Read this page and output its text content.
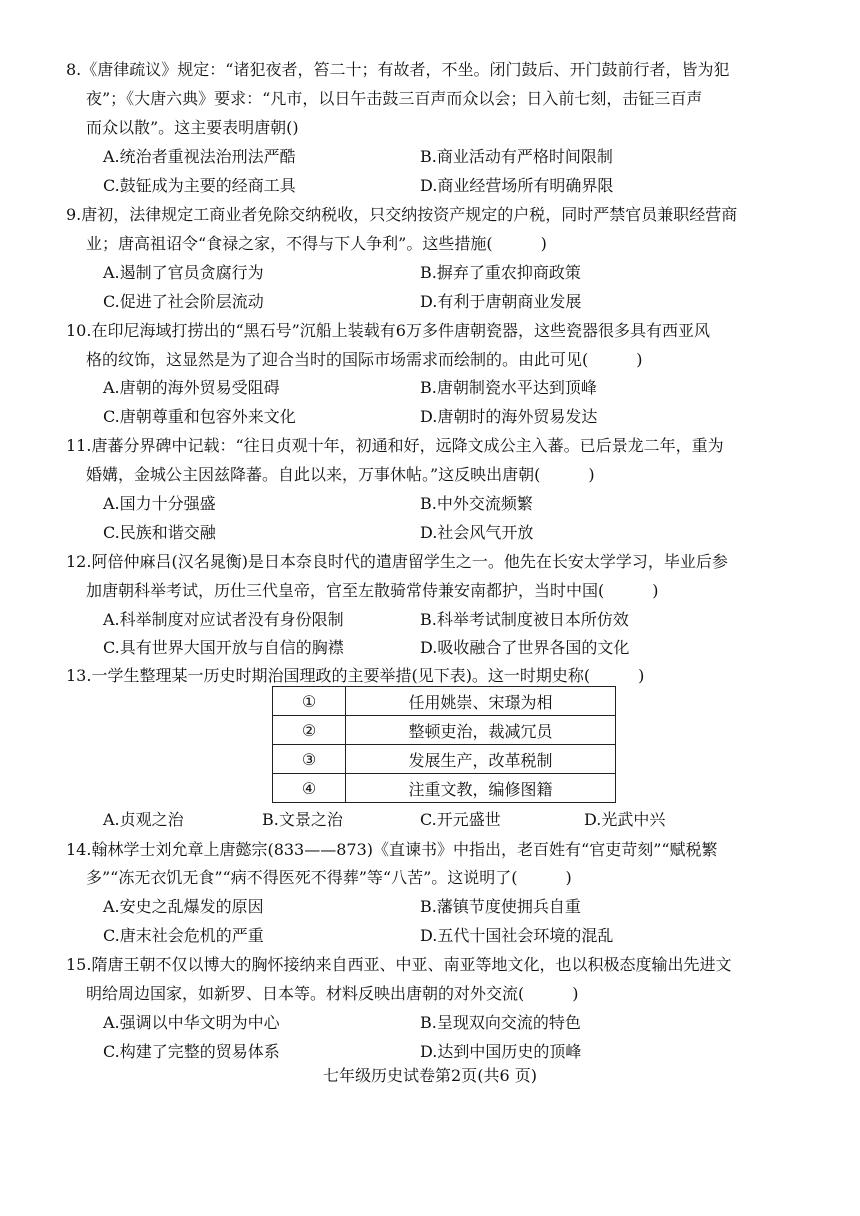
8.《唐律疏议》规定：“诸犯夜者，笞二十；有故者，不坐。闭门鼓后、开门鼓前行者，皆为犯
夜”；《大唐六典》要求：“凡市，以日午击鼓三百声而众以会；日入前七刻，击钲三百声
而众以散”。这主要表明唐朝()
A.统治者重视法治刑法严酷	B.商业活动有严格时间限制
C.鼓钲成为主要的经商工具	D.商业经营场所有明确界限
9.唐初，法律规定工商业者免除交纳税收，只交纳按资产规定的户税，同时严禁官员兼职经营商
业；唐高祖诏令“食禄之家，不得与下人争利”。这些措施(　　　)
A.遏制了官员贪腐行为	B.摒弃了重农抑商政策
C.促进了社会阶层流动	D.有利于唐朝商业发展
10.在印尼海域打捞出的“黑石号”沉船上装载有6万多件唐朝瓷器，这些瓷器很多具有西亚风
格的纹饰，这显然是为了迎合当时的国际市场需求而绘制的。由此可见(　　　)
A.唐朝的海外贸易受阻碍	B.唐朝制瓷水平达到顶峰
C.唐朝尊重和包容外来文化	D.唐朝时的海外贸易发达
11.唐蕃分界碑中记载：“往日贞观十年，初通和好，远降文成公主入蕃。已后景龙二年，重为
婚媾，金城公主因兹降蕃。自此以来，万事休帖。”这反映出唐朝(　　　)
A.国力十分强盛	B.中外交流频繁
C.民族和谐交融	D.社会风气开放
12.阿倍仲麻吕(汉名晁衡)是日本奈良时代的遣唐留学生之一。他先在长安太学学习，毕业后参
加唐朝科举考试，历仕三代皇帝，官至左散骑常侍兼安南都护，当时中国(　　　)
A.科举制度对应试者没有身份限制	B.科举考试制度被日本所仿效
C.具有世界大国开放与自信的胸襟	D.吸收融合了世界各国的文化
13.一学生整理某一历史时期治国理政的主要举措(见下表)。这一时期史称(　　　)
①	任用姚崇、宋璟为相
②	整顿吏治，裁减冗员
③	发展生产，改革税制
④	注重文教，编修图籍
A.贞观之治	B.文景之治	C.开元盛世	D.光武中兴
14.翰林学士刘允章上唐懿宗(833——873)《直谏书》中指出，老百姓有“官吏苛刻”“赋税繁
多”“冻无衣饥无食”“病不得医死不得葬”等“八苦”。这说明了(　　　)
A.安史之乱爆发的原因	B.藩镇节度使拥兵自重
C.唐末社会危机的严重	D.五代十国社会环境的混乱
15.隋唐王朝不仅以博大的胸怀接纳来自西亚、中亚、南亚等地文化，也以积极态度输出先进文
明给周边国家，如新罗、日本等。材料反映出唐朝的对外交流(　　　)
A.强调以中华文明为中心	B.呈现双向交流的特色
C.构建了完整的贸易体系	D.达到中国历史的顶峰
七年级历史试卷第2页(共6 页)
